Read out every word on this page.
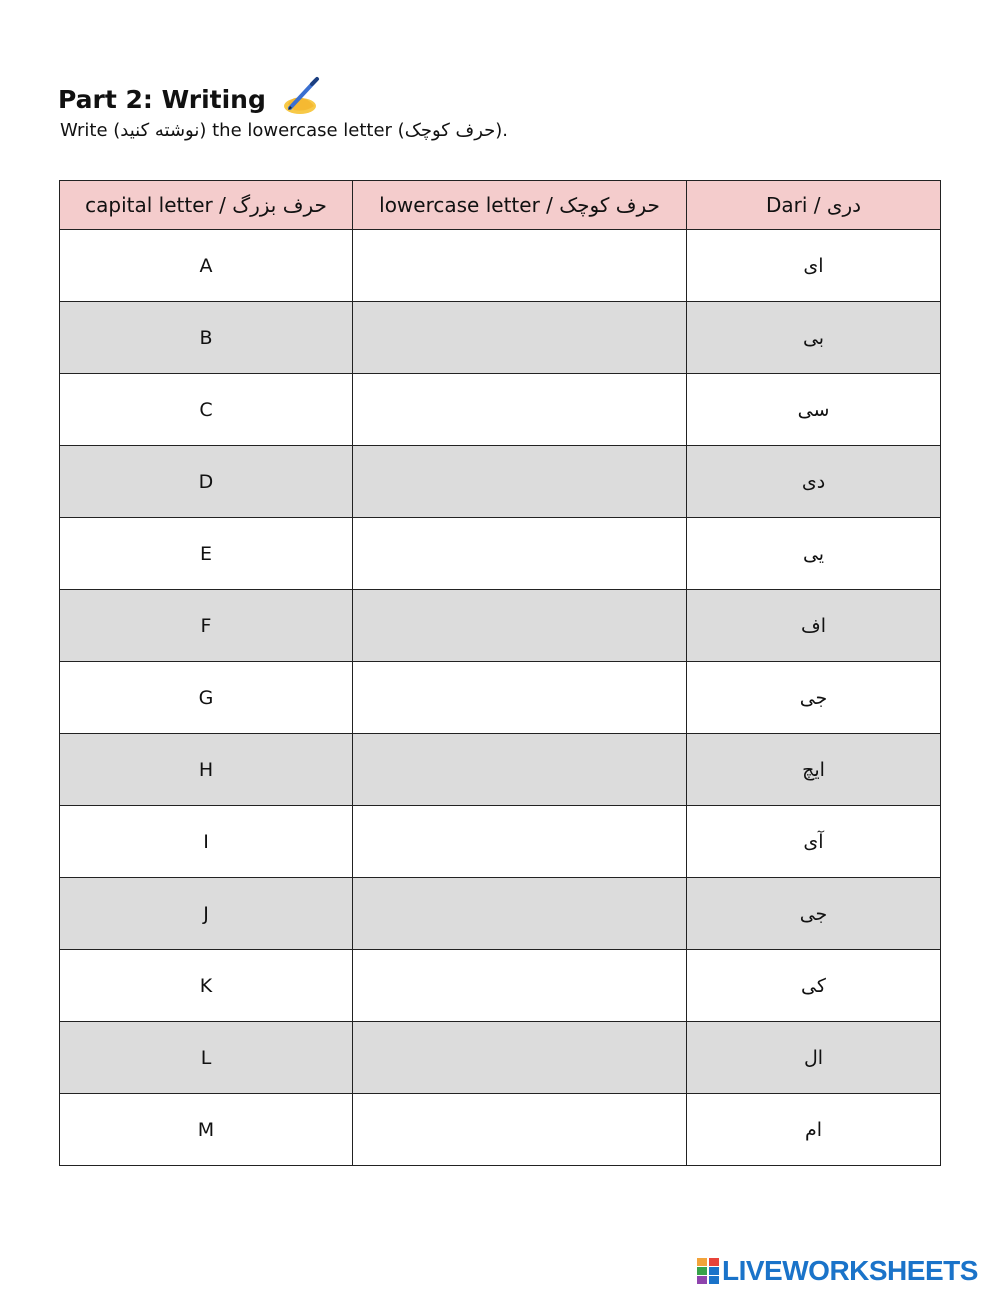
Part 2: Writing
Write (نوشته کنید) the lowercase letter (حرف کوچک).
capital letter / حرف بزرگ	lowercase letter / حرف کوچک	Dari / دری
A		ای
B		بی
C		سی
D		دی
E		یی
F		اف
G		جی
H		ایچ
I		آی
J		جی
K		کی
L		ال
M		ام
LIVEWORKSHEETS
